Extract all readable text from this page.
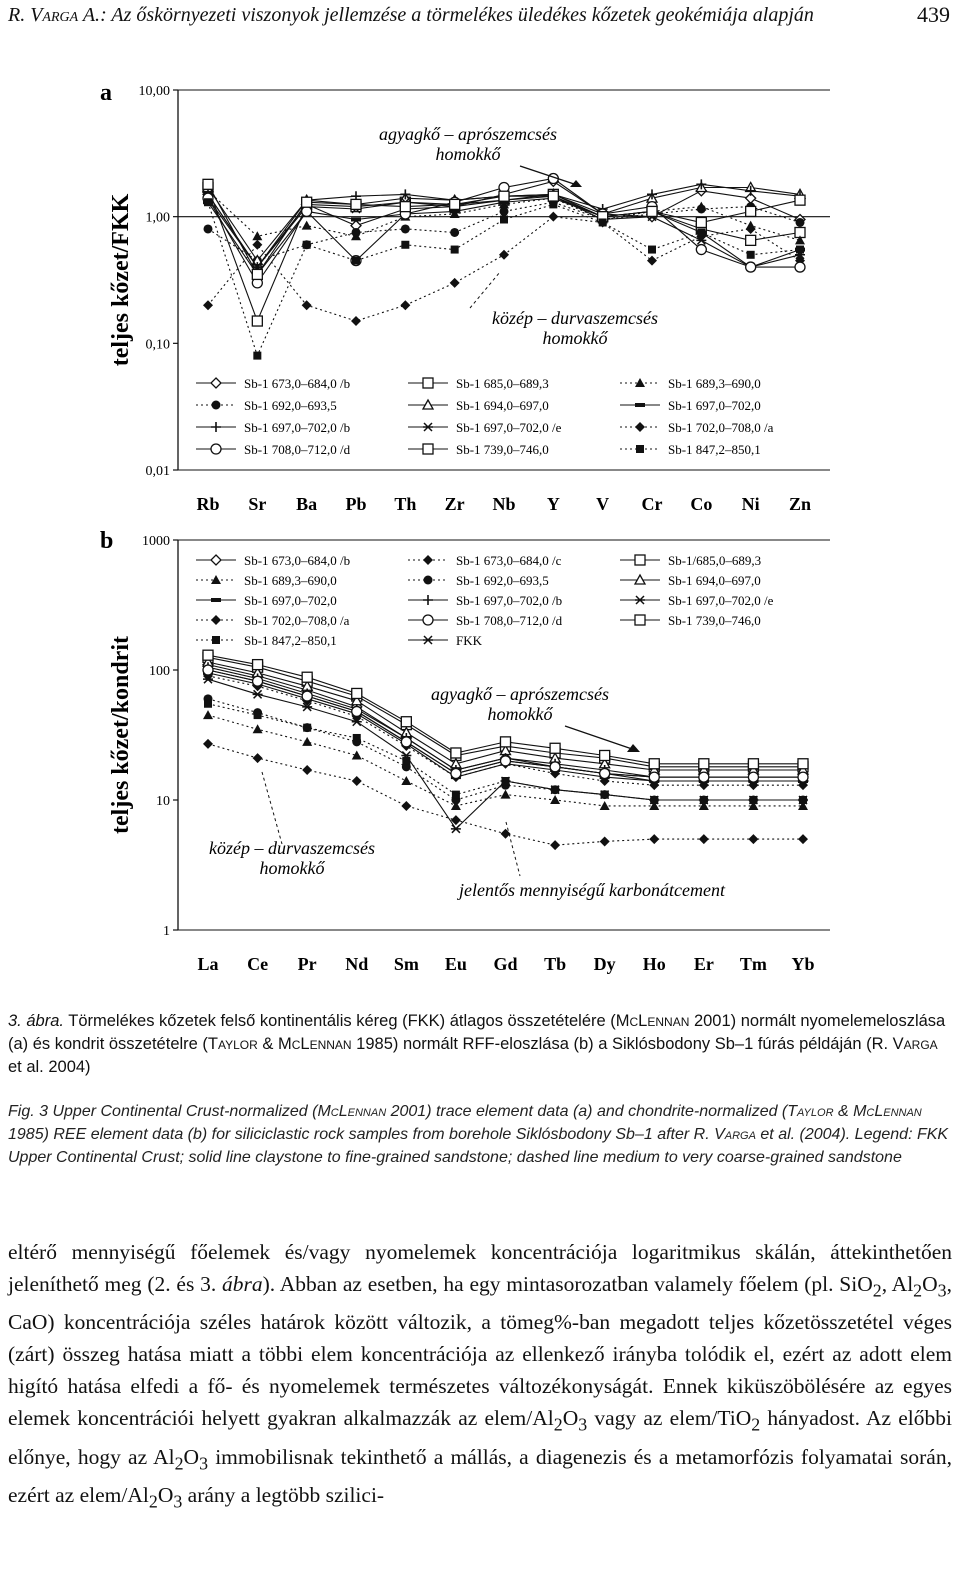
R. Varga A.: Az őskörnyezeti viszonyok jellemzése a törmelékes üledékes kőzetek geokémiája alapján	439
a
0,01
0,10
1,00
10,00
teljes kőzet/FKK
Rb Sr Ba Pb Th Zr Nb Y V Cr Co Ni Zn
Sb-1 673,0–684,0 /b	Sb-1 685,0–689,3	Sb-1 689,3–690,0
Sb-1 692,0–693,5	Sb-1 694,0–697,0	Sb-1 697,0–702,0
Sb-1 697,0–702,0 /b	Sb-1 697,0–702,0 /e	Sb-1 702,0–708,0 /a
Sb-1 708,0–712,0 /d	Sb-1 739,0–746,0	Sb-1 847,2–850,1
agyagkő – aprószemcsés
homokkő
közép – durvaszemcsés
homokkő
b
1
10
100
1000
teljes kőzet/kondrit
La Ce Pr Nd Sm Eu Gd Tb Dy Ho Er Tm Yb
Sb-1 673,0–684,0 /b	Sb-1 673,0–684,0 /c	Sb-1/685,0–689,3
Sb-1 689,3–690,0	Sb-1 692,0–693,5	Sb-1 694,0–697,0
Sb-1 697,0–702,0	Sb-1 697,0–702,0 /b	Sb-1 697,0–702,0 /e
Sb-1 702,0–708,0 /a	Sb-1 708,0–712,0 /d	Sb-1 739,0–746,0
Sb-1 847,2–850,1	FKK
agyagkő – aprószemcsés
homokkő
közép – durvaszemcsés
homokkő
jelentős mennyiségű karbonátcement
3. ábra. Törmelékes kőzetek felső kontinentális kéreg (FKK) átlagos összetételére (McLennan 2001) normált nyomelemeloszlása (a) és kondrit összetételre (Taylor & McLennan 1985) normált RFF-eloszlása (b) a Siklósbodony Sb–1 fúrás példáján (R. Varga et al. 2004)
Fig. 3 Upper Continental Crust-normalized (McLennan 2001) trace element data (a) and chondrite-normalized (Taylor & McLennan 1985) REE element data (b) for siliciclastic rock samples from borehole Siklósbodony Sb–1 after R. Varga et al. (2004). Legend: FKK Upper Continental Crust; solid line claystone to fine-grained sandstone; dashed line medium to very coarse-grained sandstone

eltérő mennyiségű főelemek és/vagy nyomelemek koncentrációja logaritmikus skálán, áttekinthetően jeleníthető meg (2. és 3. ábra). Abban az esetben, ha egy mintasorozatban valamely főelem (pl. SiO$_2$, $Al_2O_3$, CaO) koncentrációja széles határok között változik, a tömeg%-ban megadott teljes kőzetösszetétel véges (zárt) összeg hatása miatt a többi elem koncentrációja az ellenkező irányba tolódik el, ezért az adott elem higító hatása elfedi a fő- és nyomelemek természetes változékonyságát. Ennek kiküszöbölésére az egyes elemek koncentrációi helyett gyakran alkalmazzák az elem/$Al_2O_3$ vagy az elem/TiO$_2$ hányadost. Az előbbi előnye, hogy az $Al_2O_3$ immobilisnak tekinthető a mállás, a diagenezis és a metamorfózis folyamatai során, ezért az elem/$Al_2O_3$ arány a legtöbb szilici-
